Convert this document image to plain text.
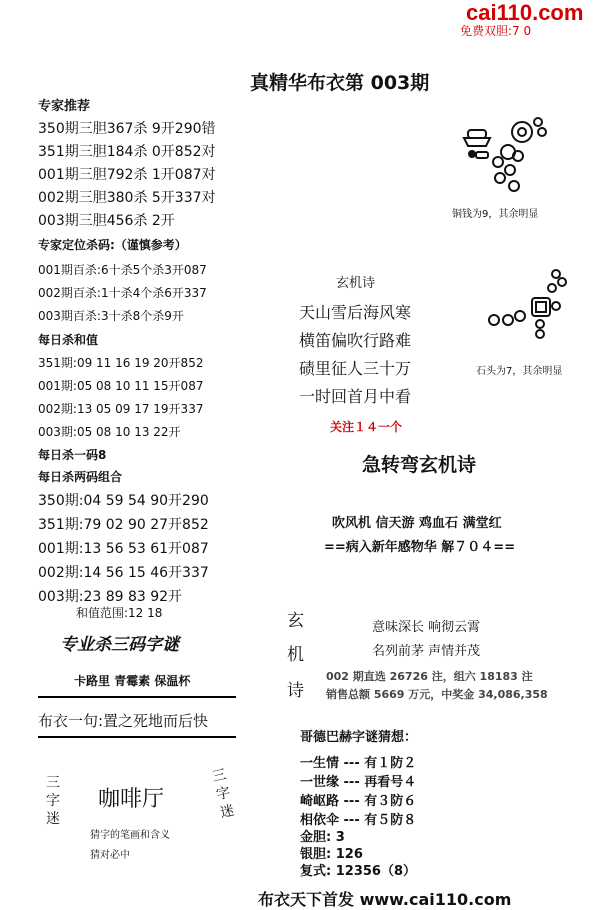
cai110.com
免费双胆:7 0
真精华布衣第 003期
专家推荐
350期三胆367杀 9开290错
351期三胆184杀 0开852对
001期三胆792杀 1开087对
002期三胆380杀 5开337对
003期三胆456杀 2开
专家定位杀码:（谨慎参考）
001期百杀:6十杀5个杀3开087
002期百杀:1十杀4个杀6开337
003期百杀:3十杀8个杀9开
每日杀和值
351期:09 11 16 19 20开852
001期:05 08 10 11 15开087
002期:13 05 09 17 19开337
003期:05 08 10 13 22开
每日杀一码8
每日杀两码组合
350期:04 59 54 90开290
351期:79 02 90 27开852
001期:13 56 53 61开087
002期:14 56 15 46开337
003期:23 89 83 92开
和值范围:12 18
专业杀三码字谜
卡路里 青霉素 保温杯
布衣一句:置之死地而后快
三
字
迷
咖啡厅
三
字
迷
猜字的笔画和含义
猜对必中
铜钱为9，其余明显
石头为7，其余明显
玄机诗
天山雪后海风寒
横笛偏吹行路难
碛里征人三十万
一时回首月中看
关注１４一个
急转弯玄机诗
吹风机 信天游 鸡血石 满堂红
==病入新年感物华 解７０４==
玄
机
诗
意味深长 响彻云霄
名列前茅 声情并茂
002 期直选 26726 注，组六 18183 注
销售总额 5669 万元，中奖金 34,086,358
哥德巴赫字谜猜想：
一生情 --- 有１防２
一世缘 --- 再看号４
崎岖路 --- 有３防６
相依伞 --- 有５防８
金胆: 3
银胆: 126
复式: 12356（8）
布衣天下首发 www.cai110.com
